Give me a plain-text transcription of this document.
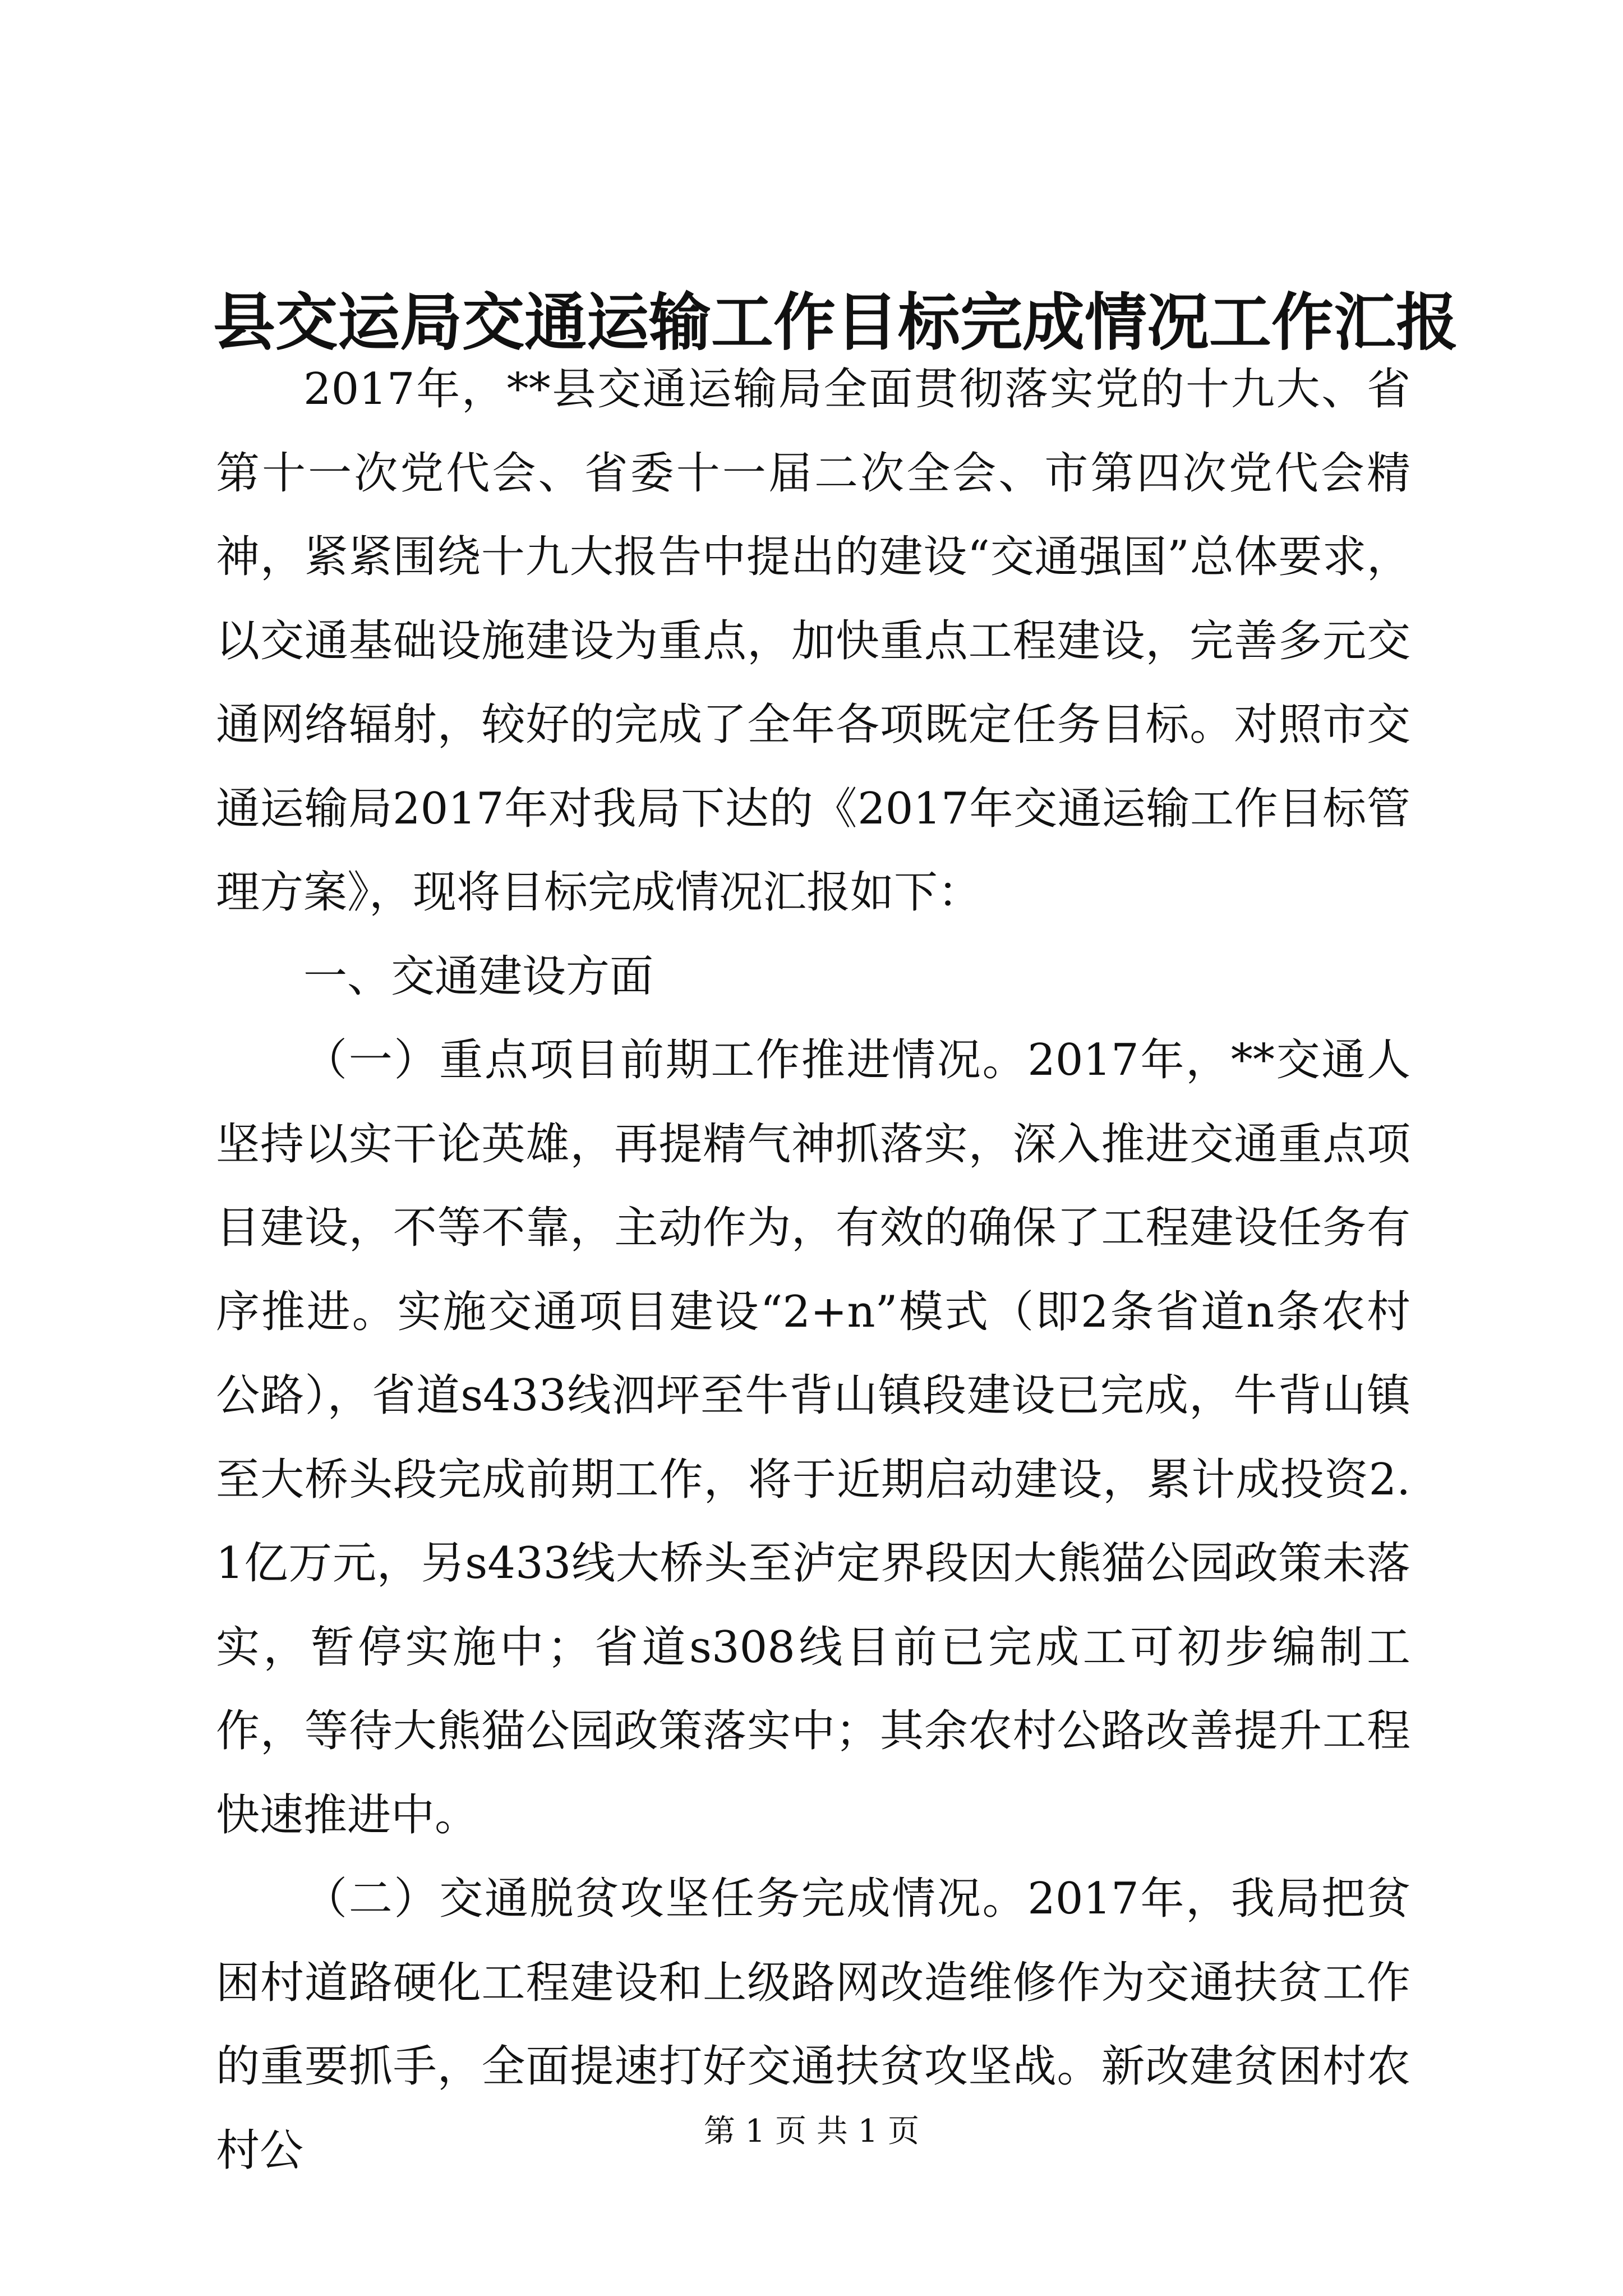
县交运局交通运输工作目标完成情况工作汇报

2017年，**县交通运输局全面贯彻落实党的十九大、省第十一次党代会、省委十一届二次全会、市第四次党代会精神，紧紧围绕十九大报告中提出的建设“交通强国”总体要求，以交通基础设施建设为重点，加快重点工程建设，完善多元交通网络辐射，较好的完成了全年各项既定任务目标。对照市交通运输局2017年对我局下达的《2017年交通运输工作目标管理方案》，现将目标完成情况汇报如下：

一、交通建设方面

（一）重点项目前期工作推进情况。2017年，**交通人坚持以实干论英雄，再提精气神抓落实，深入推进交通重点项目建设，不等不靠，主动作为，有效的确保了工程建设任务有序推进。实施交通项目建设“2+n”模式（即2条省道n条农村公路），省道s433线泗坪至牛背山镇段建设已完成，牛背山镇至大桥头段完成前期工作，将于近期启动建设，累计成投资2.1亿万元，另s433线大桥头至泸定界段因大熊猫公园政策未落实，暂停实施中；省道s308线目前已完成工可初步编制工作，等待大熊猫公园政策落实中；其余农村公路改善提升工程快速推进中。

（二）交通脱贫攻坚任务完成情况。2017年，我局把贫困村道路硬化工程建设和上级路网改造维修作为交通扶贫工作的重要抓手，全面提速打好交通扶贫攻坚战。新改建贫困村农村公	第 1 页 共 1 页
